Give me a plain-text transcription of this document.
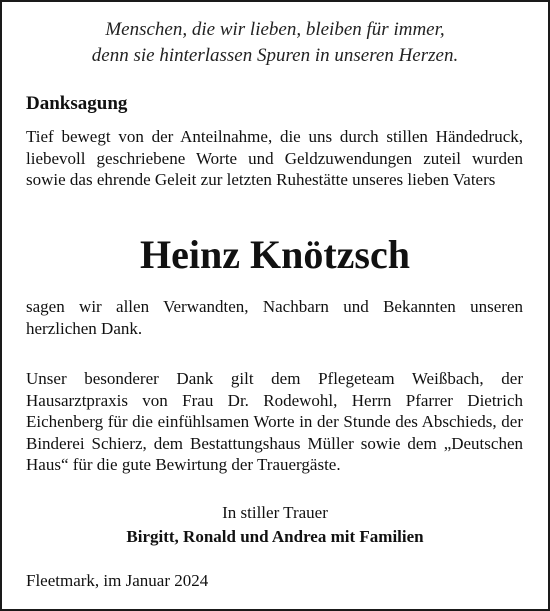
Menschen, die wir lieben, bleiben für immer,
denn sie hinterlassen Spuren in unseren Herzen.
Danksagung
Tief bewegt von der Anteilnahme, die uns durch stillen Händedruck, liebevoll geschriebene Worte und Geldzuwendungen zuteil wurden sowie das ehrende Geleit zur letzten Ruhestätte unseres lieben Vaters
Heinz Knötzsch
sagen wir allen Verwandten, Nachbarn und Bekannten unseren herzlichen Dank.
Unser besonderer Dank gilt dem Pflegeteam Weißbach, der Hausarztpraxis von Frau Dr. Rodewohl, Herrn Pfarrer Dietrich Eichenberg für die einfühlsamen Worte in der Stunde des Abschieds, der Binderei Schierz, dem Bestattungshaus Müller sowie dem „Deutschen Haus“ für die gute Bewirtung der Trauergäste.
In stiller Trauer
Birgitt, Ronald und Andrea mit Familien
Fleetmark, im Januar 2024
